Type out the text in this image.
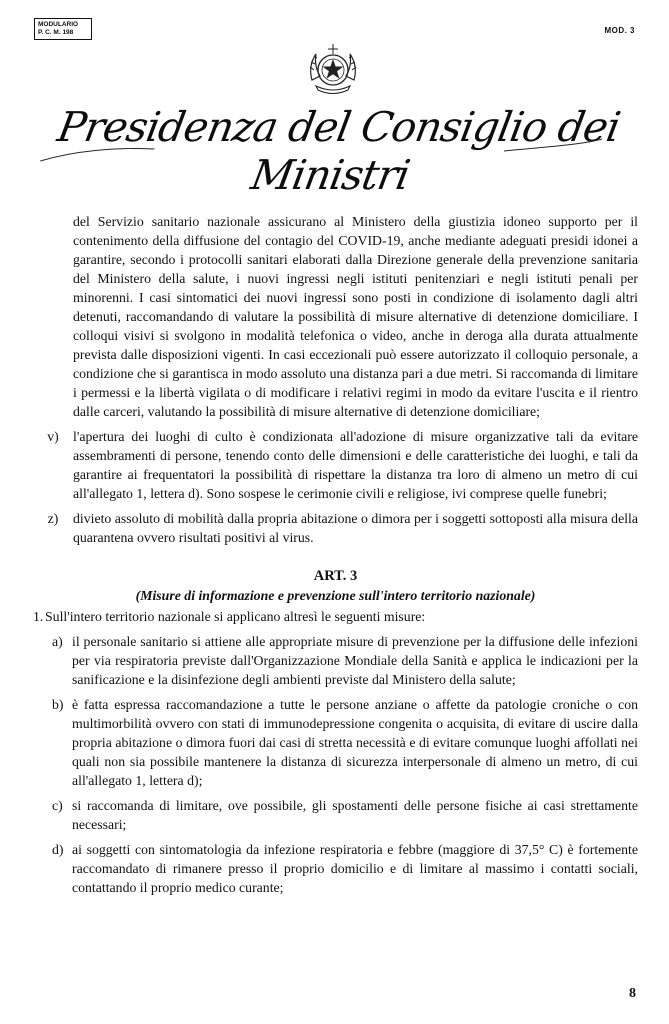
MODULARIO
P. C. M. 198	MOD. 3
Presidenza del Consiglio dei Ministri
del Servizio sanitario nazionale assicurano al Ministero della giustizia idoneo supporto per il contenimento della diffusione del contagio del COVID-19, anche mediante adeguati presidi idonei a garantire, secondo i protocolli sanitari elaborati dalla Direzione generale della prevenzione sanitaria del Ministero della salute, i nuovi ingressi negli istituti penitenziari e negli istituti penali per minorenni. I casi sintomatici dei nuovi ingressi sono posti in condizione di isolamento dagli altri detenuti, raccomandando di valutare la possibilità di misure alternative di detenzione domiciliare. I colloqui visivi si svolgono in modalità telefonica o video, anche in deroga alla durata attualmente prevista dalle disposizioni vigenti. In casi eccezionali può essere autorizzato il colloquio personale, a condizione che si garantisca in modo assoluto una distanza pari a due metri. Si raccomanda di limitare i permessi e la libertà vigilata o di modificare i relativi regimi in modo da evitare l'uscita e il rientro dalle carceri, valutando la possibilità di misure alternative di detenzione domiciliare;
v)	l'apertura dei luoghi di culto è condizionata all'adozione di misure organizzative tali da evitare assembramenti di persone, tenendo conto delle dimensioni e delle caratteristiche dei luoghi, e tali da garantire ai frequentatori la possibilità di rispettare la distanza tra loro di almeno un metro di cui all'allegato 1, lettera d). Sono sospese le cerimonie civili e religiose, ivi comprese quelle funebri;
z)	divieto assoluto di mobilità dalla propria abitazione o dimora per i soggetti sottoposti alla misura della quarantena ovvero risultati positivi al virus.
ART. 3
(Misure di informazione e prevenzione sull'intero territorio nazionale)
1. Sull'intero territorio nazionale si applicano altresì le seguenti misure:
a) il personale sanitario si attiene alle appropriate misure di prevenzione per la diffusione delle infezioni per via respiratoria previste dall'Organizzazione Mondiale della Sanità e applica le indicazioni per la sanificazione e la disinfezione degli ambienti previste dal Ministero della salute;
b) è fatta espressa raccomandazione a tutte le persone anziane o affette da patologie croniche o con multimorbilità ovvero con stati di immunodepressione congenita o acquisita, di evitare di uscire dalla propria abitazione o dimora fuori dai casi di stretta necessità e di evitare comunque luoghi affollati nei quali non sia possibile mantenere la distanza di sicurezza interpersonale di almeno un metro, di cui all'allegato 1, lettera d);
c) si raccomanda di limitare, ove possibile, gli spostamenti delle persone fisiche ai casi strettamente necessari;
d) ai soggetti con sintomatologia da infezione respiratoria e febbre (maggiore di 37,5° C) è fortemente raccomandato di rimanere presso il proprio domicilio e di limitare al massimo i contatti sociali, contattando il proprio medico curante;
8
